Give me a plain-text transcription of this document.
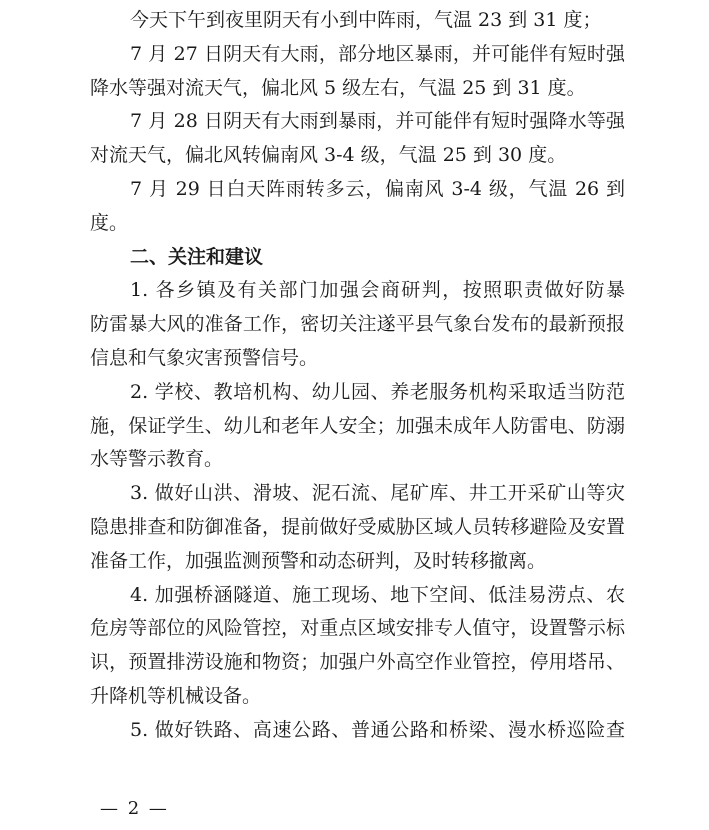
今天下午到夜里阴天有小到中阵雨，气温 23 到 31 度；
7 月 27 日阴天有大雨，部分地区暴雨，并可能伴有短时强
降水等强对流天气，偏北风 5 级左右，气温 25 到 31 度。
7 月 28 日阴天有大雨到暴雨，并可能伴有短时强降水等强
对流天气，偏北风转偏南风 3-4 级，气温 25 到 30 度。
7 月 29 日白天阵雨转多云，偏南风 3-4 级，气温 26 到
度。
二、关注和建议
1. 各乡镇及有关部门加强会商研判，按照职责做好防暴
防雷暴大风的准备工作，密切关注遂平县气象台发布的最新预报
信息和气象灾害预警信号。
2. 学校、教培机构、幼儿园、养老服务机构采取适当防范
施，保证学生、幼儿和老年人安全；加强未成年人防雷电、防溺
水等警示教育。
3. 做好山洪、滑坡、泥石流、尾矿库、井工开采矿山等灾
隐患排查和防御准备，提前做好受威胁区域人员转移避险及安置
准备工作，加强监测预警和动态研判，及时转移撤离。
4. 加强桥涵隧道、施工现场、地下空间、低洼易涝点、农
危房等部位的风险管控，对重点区域安排专人值守，设置警示标
识，预置排涝设施和物资；加强户外高空作业管控，停用塔吊、
升降机等机械设备。
5. 做好铁路、高速公路、普通公路和桥梁、漫水桥巡险查
— 2 —
